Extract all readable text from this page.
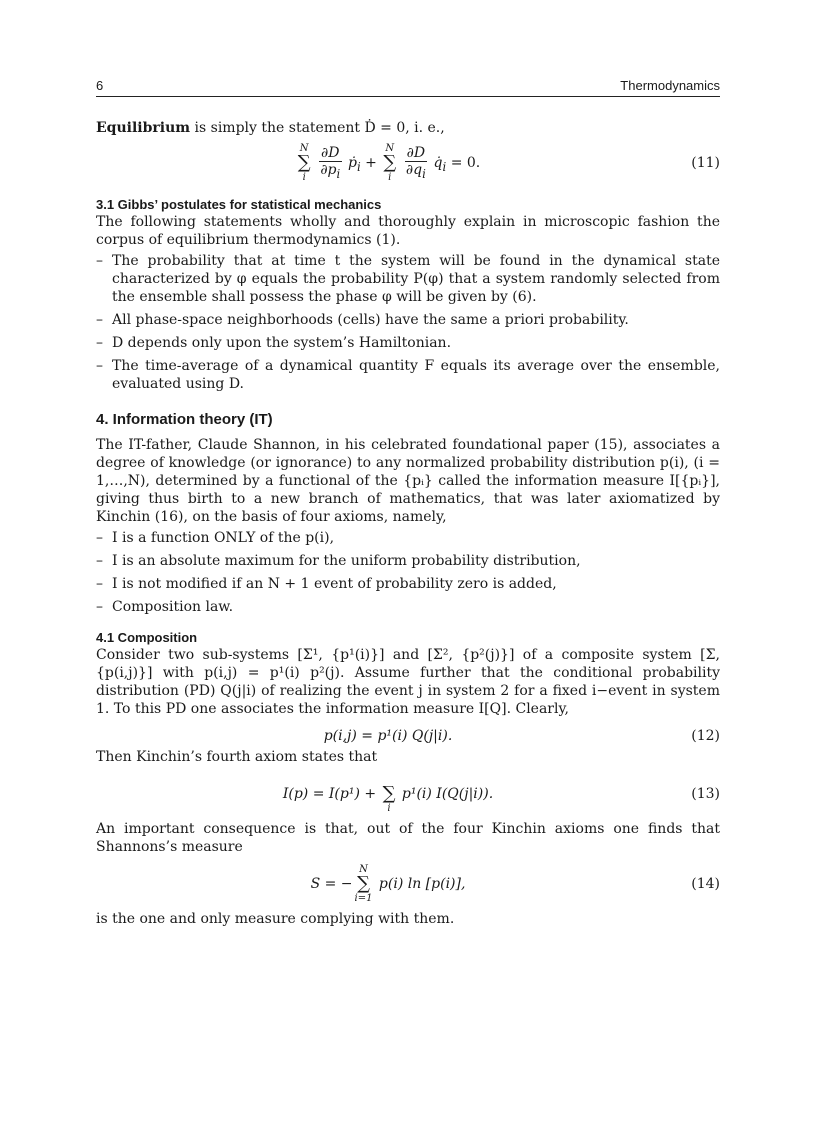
6	Thermodynamics

Equilibrium is simply the statement Ḋ = 0, i. e.,

N
∑
i
$\frac{\partial D}{\partial p_i}$ ṗ$_i$ +
N
∑
i
$\frac{\partial D}{\partial q_i}$ $q̇_i = 0$.	(11)
3.1 Gibbs’ postulates for statistical mechanics

The following statements wholly and thoroughly explain in microscopic fashion the corpus of equilibrium thermodynamics (1).

– The probability that at time t the system will be found in the dynamical state characterized by φ equals the probability P(φ) that a system randomly selected from the ensemble shall possess the phase φ will be given by (6).
– All phase-space neighborhoods (cells) have the same a priori probability.
– D depends only upon the system’s Hamiltonian.
– The time-average of a dynamical quantity F equals its average over the ensemble, evaluated using D.
4. Information theory (IT)

The IT-father, Claude Shannon, in his celebrated foundational paper (15), associates a degree of knowledge (or ignorance) to any normalized probability distribution p(i), (i = 1,…,N), determined by a functional of the {pᵢ} called the information measure I[{pᵢ}], giving thus birth to a new branch of mathematics, that was later axiomatized by Kinchin (16), on the basis of four axioms, namely,

– I is a function ONLY of the p(i),
– I is an absolute maximum for the uniform probability distribution,
– I is not modified if an N + 1 event of probability zero is added,
– Composition law.
4.1 Composition

Consider two sub-systems [Σ¹, {p¹(i)}] and [Σ², {p²(j)}] of a composite system [Σ, {p(i,j)}] with p(i,j) = p¹(i) p²(j). Assume further that the conditional probability distribution (PD) Q(j|i) of realizing the event j in system 2 for a fixed i−event in system 1. To this PD one associates the information measure I[Q]. Clearly,

p(i,j) = p¹(i) Q(j|i).	(12)

Then Kinchin’s fourth axiom states that

I(p) = I(p¹) +
∑
i
p¹(i) I(Q(j|i)).	(13)

An important consequence is that, out of the four Kinchin axioms one finds that Shannons’s measure

S = −
N
∑
i=1
p(i) ln [p(i)],	(14)

is the one and only measure complying with them.
